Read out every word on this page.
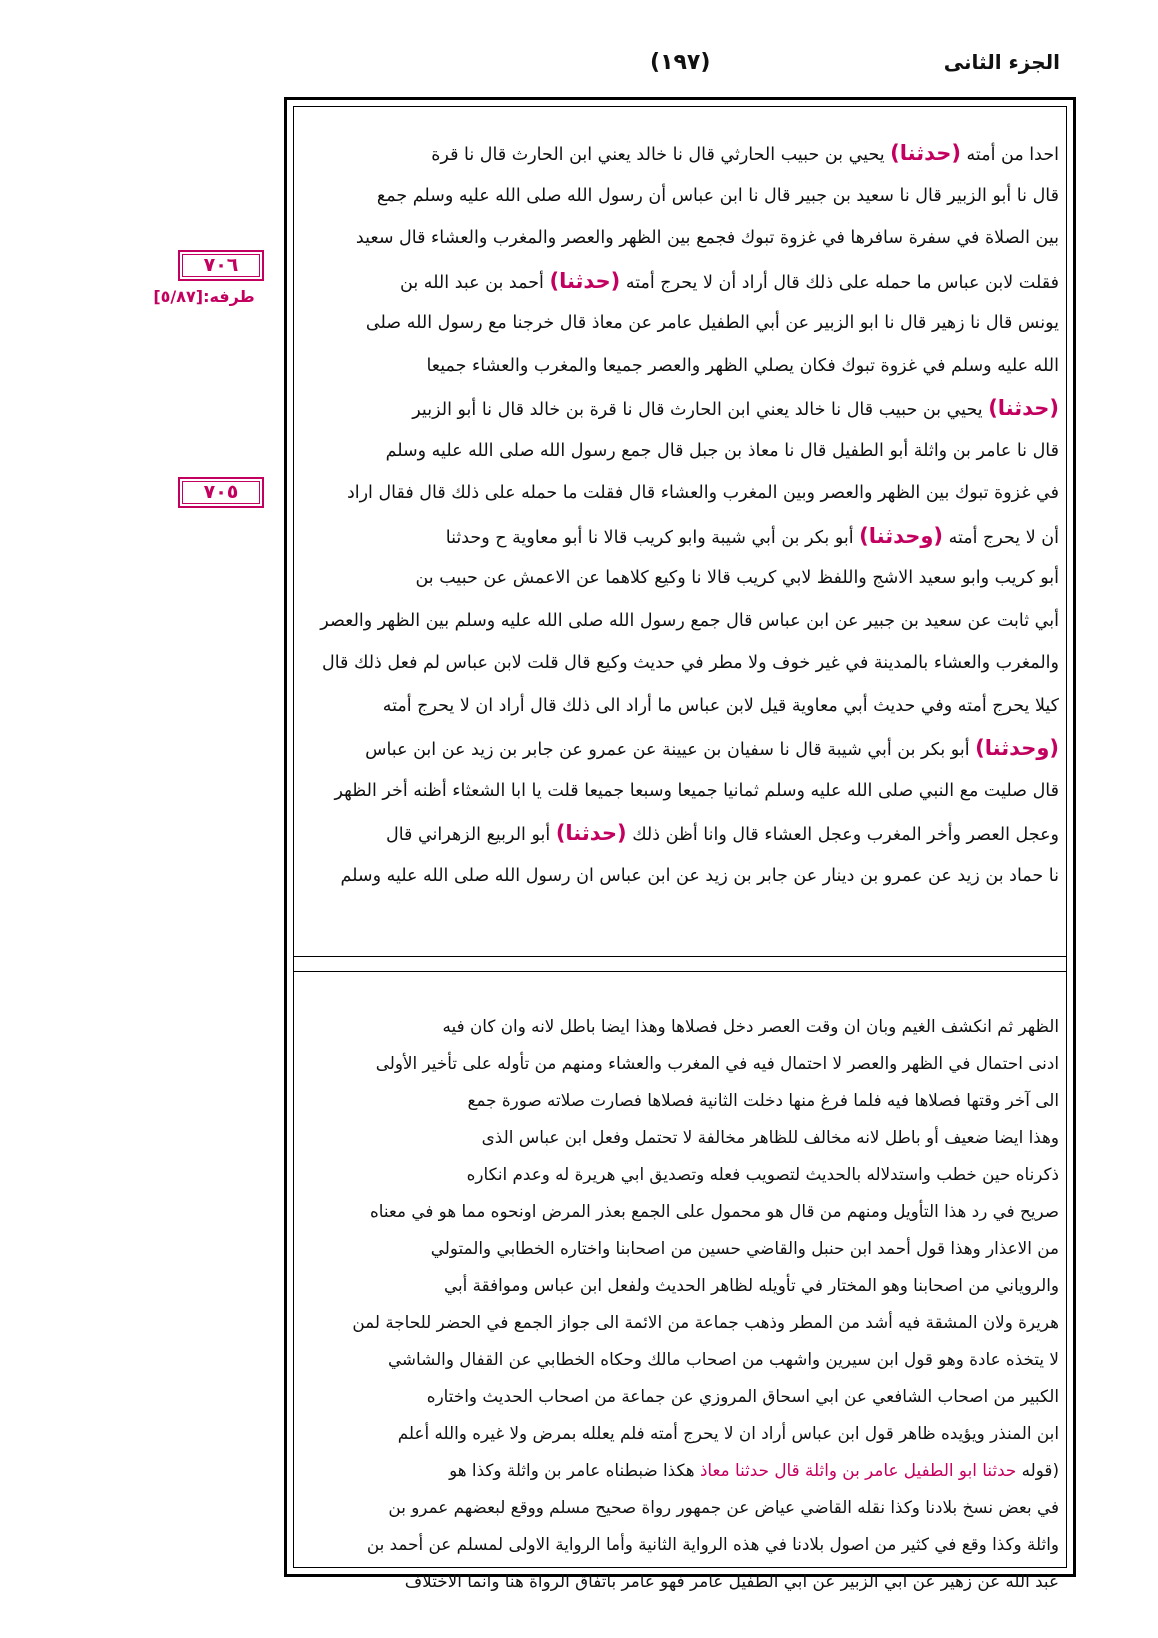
(١٩٧)	الجزء الثانى
٧٠٦
طرفه:[٥/٨٧]
٧٠٥
احدا من أمته (حدثنا) يحيي بن حبيب الحارثي قال نا خالد يعني ابن الحارث قال نا قرة
قال نا أبو الزبير قال نا سعيد بن جبير قال نا ابن عباس أن رسول الله صلى الله عليه وسلم جمع
بين الصلاة في سفرة سافرها في غزوة تبوك فجمع بين الظهر والعصر والمغرب والعشاء قال سعيد
فقلت لابن عباس ما حمله على ذلك قال أراد أن لا يحرج أمته (حدثنا) أحمد بن عبد الله بن
يونس قال نا زهير قال نا ابو الزبير عن أبي الطفيل عامر عن معاذ قال خرجنا مع رسول الله صلى
الله عليه وسلم في غزوة تبوك فكان يصلي الظهر والعصر جميعا والمغرب والعشاء جميعا
(حدثنا) يحيي بن حبيب قال نا خالد يعني ابن الحارث قال نا قرة بن خالد قال نا أبو الزبير
قال نا عامر بن واثلة أبو الطفيل قال نا معاذ بن جبل قال جمع رسول الله صلى الله عليه وسلم
في غزوة تبوك بين الظهر والعصر وبين المغرب والعشاء قال فقلت ما حمله على ذلك قال فقال اراد
أن لا يحرج أمته (وحدثنا) أبو بكر بن أبي شيبة وابو كريب قالا نا أبو معاوية ح وحدثنا
أبو كريب وابو سعيد الاشج واللفظ لابي كريب قالا نا وكيع كلاهما عن الاعمش عن حبيب بن
أبي ثابت عن سعيد بن جبير عن ابن عباس قال جمع رسول الله صلى الله عليه وسلم بين الظهر والعصر
والمغرب والعشاء بالمدينة في غير خوف ولا مطر في حديث وكيع قال قلت لابن عباس لم فعل ذلك قال
كيلا يحرج أمته وفي حديث أبي معاوية قيل لابن عباس ما أراد الى ذلك قال أراد ان لا يحرج أمته
(وحدثنا) أبو بكر بن أبي شيبة قال نا سفيان بن عيينة عن عمرو عن جابر بن زيد عن ابن عباس
قال صليت مع النبي صلى الله عليه وسلم ثمانيا جميعا وسبعا جميعا قلت يا ابا الشعثاء أظنه أخر الظهر
وعجل العصر وأخر المغرب وعجل العشاء قال وانا أظن ذلك (حدثنا) أبو الربيع الزهراني قال
نا حماد بن زيد عن عمرو بن دينار عن جابر بن زيد عن ابن عباس ان رسول الله صلى الله عليه وسلم
الظهر ثم انكشف الغيم وبان ان وقت العصر دخل فصلاها وهذا ايضا باطل لانه وان كان فيه
ادنى احتمال في الظهر والعصر لا احتمال فيه في المغرب والعشاء ومنهم من تأوله على تأخير الأولى
الى آخر وقتها فصلاها فيه فلما فرغ منها دخلت الثانية فصلاها فصارت صلاته صورة جمع
وهذا ايضا ضعيف أو باطل لانه مخالف للظاهر مخالفة لا تحتمل وفعل ابن عباس الذى
ذكرناه حين خطب واستدلاله بالحديث لتصويب فعله وتصديق ابي هريرة له وعدم انكاره
صريح في رد هذا التأويل ومنهم من قال هو محمول على الجمع بعذر المرض اونحوه مما هو في معناه
من الاعذار وهذا قول أحمد ابن حنبل والقاضي حسين من اصحابنا واختاره الخطابي والمتولي
والروياني من اصحابنا وهو المختار في تأويله لظاهر الحديث ولفعل ابن عباس وموافقة أبي
هريرة ولان المشقة فيه أشد من المطر وذهب جماعة من الائمة الى جواز الجمع في الحضر للحاجة لمن
لا يتخذه عادة وهو قول ابن سيرين واشهب من اصحاب مالك وحكاه الخطابي عن القفال والشاشي
الكبير من اصحاب الشافعي عن ابي اسحاق المروزي عن جماعة من اصحاب الحديث واختاره
ابن المنذر ويؤيده ظاهر قول ابن عباس أراد ان لا يحرج أمته فلم يعلله بمرض ولا غيره والله أعلم
(قوله حدثنا ابو الطفيل عامر بن واثلة قال حدثنا معاذ هكذا ضبطناه عامر بن واثلة وكذا هو
في بعض نسخ بلادنا وكذا نقله القاضي عياض عن جمهور رواة صحيح مسلم ووقع لبعضهم عمرو بن
واثلة وكذا وقع في كثير من اصول بلادنا في هذه الرواية الثانية وأما الرواية الاولى لمسلم عن أحمد بن
عبد الله عن زهير عن ابي الزبير عن ابي الطفيل عامر فهو عامر باتفاق الرواة هنا وانما الاختلاف
